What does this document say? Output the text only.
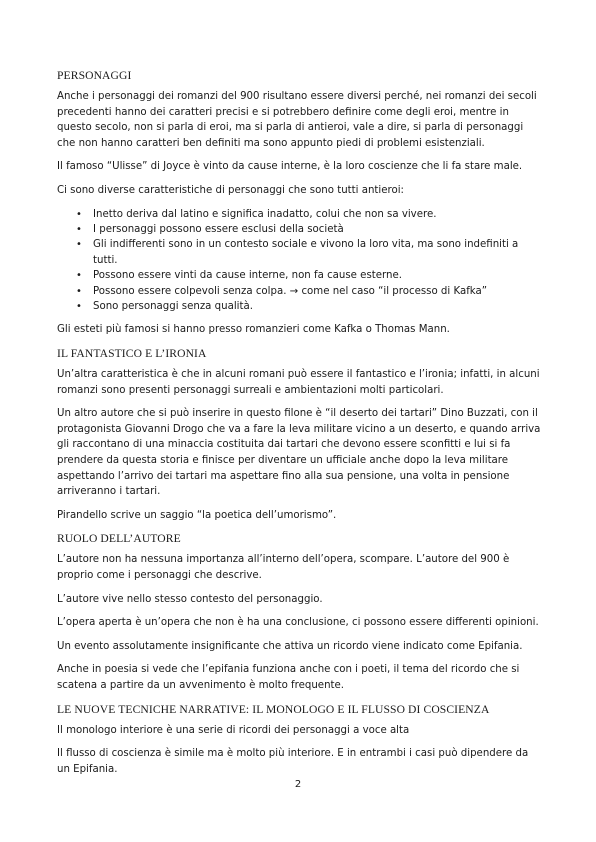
PERSONAGGI

Anche i personaggi dei romanzi del 900 risultano essere diversi perché, nei romanzi dei secoli precedenti hanno dei caratteri precisi e si potrebbero definire come degli eroi, mentre in questo secolo, non si parla di eroi, ma si parla di antieroi, vale a dire, si parla di personaggi che non hanno caratteri ben definiti ma sono appunto piedi di problemi esistenziali.

Il famoso “Ulisse” di Joyce è vinto da cause interne, è la loro coscienze che li fa stare male.

Ci sono diverse caratteristiche di personaggi che sono tutti antieroi:

• Inetto deriva dal latino e significa inadatto, colui che non sa vivere.
• I personaggi possono essere esclusi della società
• Gli indifferenti sono in un contesto sociale e vivono la loro vita, ma sono indefiniti a tutti.
• Possono essere vinti da cause interne, non fa cause esterne.
• Possono essere colpevoli senza colpa. → come nel caso “il processo di Kafka”
• Sono personaggi senza qualità.

Gli esteti più famosi si hanno presso romanzieri come Kafka o Thomas Mann.

IL FANTASTICO E L’IRONIA

Un’altra caratteristica è che in alcuni romani può essere il fantastico e l’ironia; infatti, in alcuni romanzi sono presenti personaggi surreali e ambientazioni molti particolari.

Un altro autore che si può inserire in questo filone è “il deserto dei tartari” Dino Buzzati, con il protagonista Giovanni Drogo che va a fare la leva militare vicino a un deserto, e quando arriva gli raccontano di una minaccia costituita dai tartari che devono essere sconfitti e lui si fa prendere da questa storia e finisce per diventare un ufficiale anche dopo la leva militare aspettando l’arrivo dei tartari ma aspettare fino alla sua pensione, una volta in pensione arriveranno i tartari.

Pirandello scrive un saggio “la poetica dell’umorismo”.

RUOLO DELL’AUTORE

L’autore non ha nessuna importanza all’interno dell’opera, scompare. L’autore del 900 è proprio come i personaggi che descrive.

L’autore vive nello stesso contesto del personaggio.

L’opera aperta è un’opera che non è ha una conclusione, ci possono essere differenti opinioni.

Un evento assolutamente insignificante che attiva un ricordo viene indicato come Epifania.

Anche in poesia si vede che l’epifania funziona anche con i poeti, il tema del ricordo che si scatena a partire da un avvenimento è molto frequente.

LE NUOVE TECNICHE NARRATIVE: IL MONOLOGO E IL FLUSSO DI COSCIENZA

Il monologo interiore è una serie di ricordi dei personaggi a voce alta

Il flusso di coscienza è simile ma è molto più interiore. E in entrambi i casi può dipendere da un Epifania.

2
